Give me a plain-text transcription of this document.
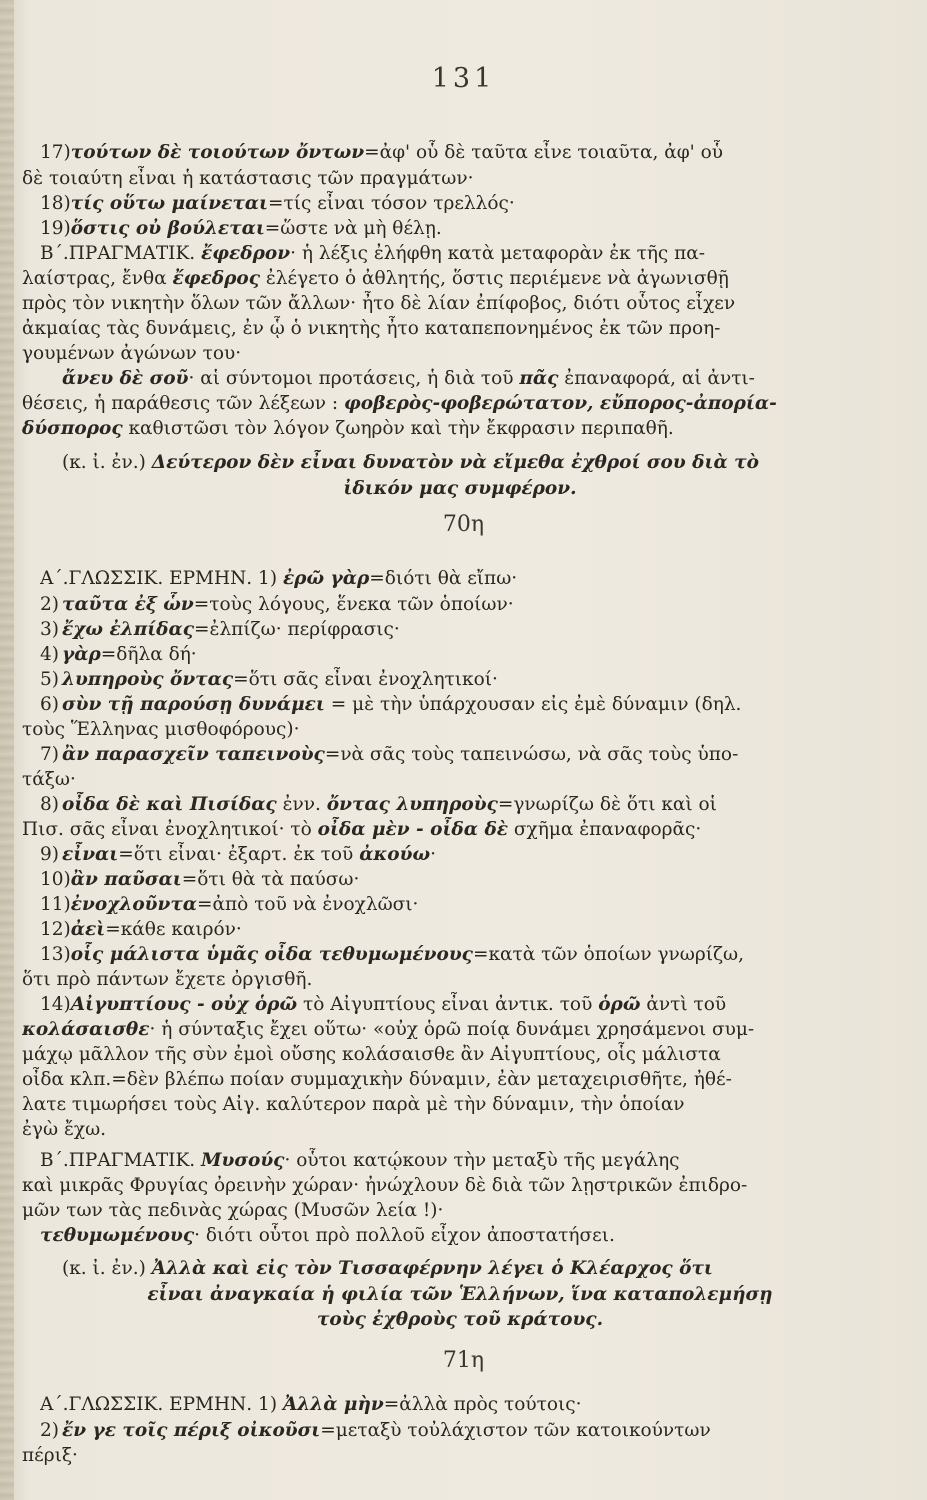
131
17)τούτων δὲ τοιούτων ὄντων=ἀφ' οὗ δὲ ταῦτα εἶνε τοιαῦτα, ἀφ' οὗ
δὲ τοιαύτη εἶναι ἡ κατάστασις τῶν πραγμάτων·
18)τίς οὕτω μαίνεται=τίς εἶναι τόσον τρελλός·
19)ὅστις οὐ βούλεται=ὥστε νὰ μὴ θέλῃ.
Β΄.ΠΡΑΓΜΑΤΙΚ. ἔφεδρον· ἡ λέξις ἐλήφθη κατὰ μεταφορὰν ἐκ τῆς πα-
λαίστρας, ἔνθα ἔφεδρος ἐλέγετο ὁ ἀθλητής, ὅστις περιέμενε νὰ ἀγωνισθῇ
πρὸς τὸν νικητὴν ὅλων τῶν ἄλλων· ἦτο δὲ λίαν ἐπίφοβος, διότι οὗτος εἶχεν
ἀκμαίας τὰς δυνάμεις, ἐν ᾧ ὁ νικητὴς ἦτο καταπεπονημένος ἐκ τῶν προη-
γουμένων ἀγώνων του·
ἄνευ δὲ σοῦ· αἱ σύντομοι προτάσεις, ἡ διὰ τοῦ πᾶς ἐπαναφορά, αἱ ἀντι-
θέσεις, ἡ παράθεσις τῶν λέξεων : φοβερὸς-φοβερώτατον, εὔπορος-ἀπορία-
δύσπορος καθιστῶσι τὸν λόγον ζωηρὸν καὶ τὴν ἔκφρασιν περιπαθῆ.
(κ. ἰ. ἐν.) Δεύτερον δὲν εἶναι δυνατὸν νὰ εἴμεθα ἐχθροί σου διὰ τὸ
ἰδικόν μας συμφέρον.
70η
Α΄.ΓΛΩΣΣΙΚ. ΕΡΜΗΝ. 1) ἐρῶ γὰρ=διότι θὰ εἴπω·
2)ταῦτα ἐξ ὧν=τοὺς λόγους, ἕνεκα τῶν ὁποίων·
3)ἔχω ἐλπίδας=ἐλπίζω· περίφρασις·
4)γὰρ=δῆλα δή·
5)λυπηροὺς ὄντας=ὅτι σᾶς εἶναι ἐνοχλητικοί·
6)σὺν τῇ παρούσῃ δυνάμει = μὲ τὴν ὑπάρχουσαν εἰς ἐμὲ δύναμιν (δηλ.
τοὺς Ἕλληνας μισθοφόρους)·
7)ἂν παρασχεῖν ταπεινοὺς=νὰ σᾶς τοὺς ταπεινώσω, νὰ σᾶς τοὺς ὑπο-
τάξω·
8)οἶδα δὲ καὶ Πισίδας ἐνν. ὄντας λυπηροὺς=γνωρίζω δὲ ὅτι καὶ οἱ
Πισ. σᾶς εἶναι ἐνοχλητικοί· τὸ οἶδα μὲν - οἶδα δὲ σχῆμα ἐπαναφορᾶς·
9)εἶναι=ὅτι εἶναι· ἐξαρτ. ἐκ τοῦ ἀκούω·
10)ἂν παῦσαι=ὅτι θὰ τὰ παύσω·
11)ἐνοχλοῦντα=ἀπὸ τοῦ νὰ ἐνοχλῶσι·
12)ἀεὶ=κάθε καιρόν·
13)οἷς μάλιστα ὑμᾶς οἶδα τεθυμωμένους=κατὰ τῶν ὁποίων γνωρίζω,
ὅτι πρὸ πάντων ἔχετε ὀργισθῆ.
14)Αἰγυπτίους - οὐχ ὁρῶ τὸ Αἰγυπτίους εἶναι ἀντικ. τοῦ ὁρῶ ἀντὶ τοῦ
κολάσαισθε· ἡ σύνταξις ἔχει οὕτω· «οὐχ ὁρῶ ποίᾳ δυνάμει χρησάμενοι συμ-
μάχῳ μᾶλλον τῆς σὺν ἐμοὶ οὔσης κολάσαισθε ἂν Αἰγυπτίους, οἷς μάλιστα
οἶδα κλπ.=δὲν βλέπω ποίαν συμμαχικὴν δύναμιν, ἐὰν μεταχειρισθῆτε, ἠθέ-
λατε τιμωρήσει τοὺς Αἰγ. καλύτερον παρὰ μὲ τὴν δύναμιν, τὴν ὁποίαν
ἐγὼ ἔχω.
Β΄.ΠΡΑΓΜΑΤΙΚ. Μυσούς· οὗτοι κατῴκουν τὴν μεταξὺ τῆς μεγάλης
καὶ μικρᾶς Φρυγίας ὀρεινὴν χώραν· ἠνώχλουν δὲ διὰ τῶν λῃστρικῶν ἐπιδρο-
μῶν των τὰς πεδινὰς χώρας (Μυσῶν λεία !)·
τεθυμωμένους· διότι οὗτοι πρὸ πολλοῦ εἶχον ἀποστατήσει.
(κ. ἰ. ἐν.) Ἀλλὰ καὶ εἰς τὸν Τισσαφέρνην λέγει ὁ Κλέαρχος ὅτι
εἶναι ἀναγκαία ἡ φιλία τῶν Ἑλλήνων, ἵνα καταπολεμήσῃ
τοὺς ἐχθροὺς τοῦ κράτους.
71η
Α΄.ΓΛΩΣΣΙΚ. ΕΡΜΗΝ. 1) Ἀλλὰ μὴν=ἀλλὰ πρὸς τούτοις·
2)ἔν γε τοῖς πέριξ οἰκοῦσι=μεταξὺ τοὐλάχιστον τῶν κατοικούντων
πέριξ·
